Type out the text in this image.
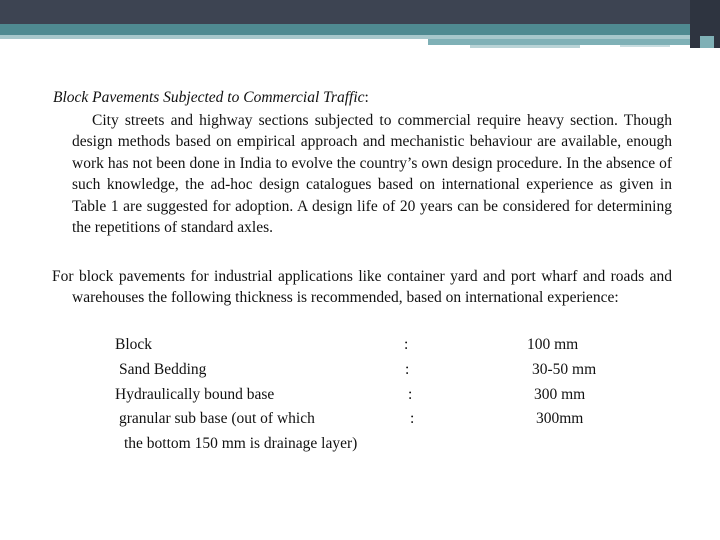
Block Pavements Subjected to Commercial Traffic:

City streets and highway sections subjected to commercial require heavy section. Though design methods based on empirical approach and mechanistic behaviour are available, enough work has not been done in India to evolve the country’s own design procedure. In the absence of such knowledge, the ad-hoc design catalogues based on international experience as given in Table 1 are suggested for adoption. A design life of 20 years can be considered for determining the repetitions of standard axles.

For block pavements for industrial applications like container yard and port wharf and roads and warehouses the following thickness is recommended, based on international experience:

Block	:	100 mm
Sand Bedding	:	30-50 mm
Hydraulically bound base	:	300 mm
granular sub base (out of which	:	300mm
the bottom 150 mm is drainage layer)
